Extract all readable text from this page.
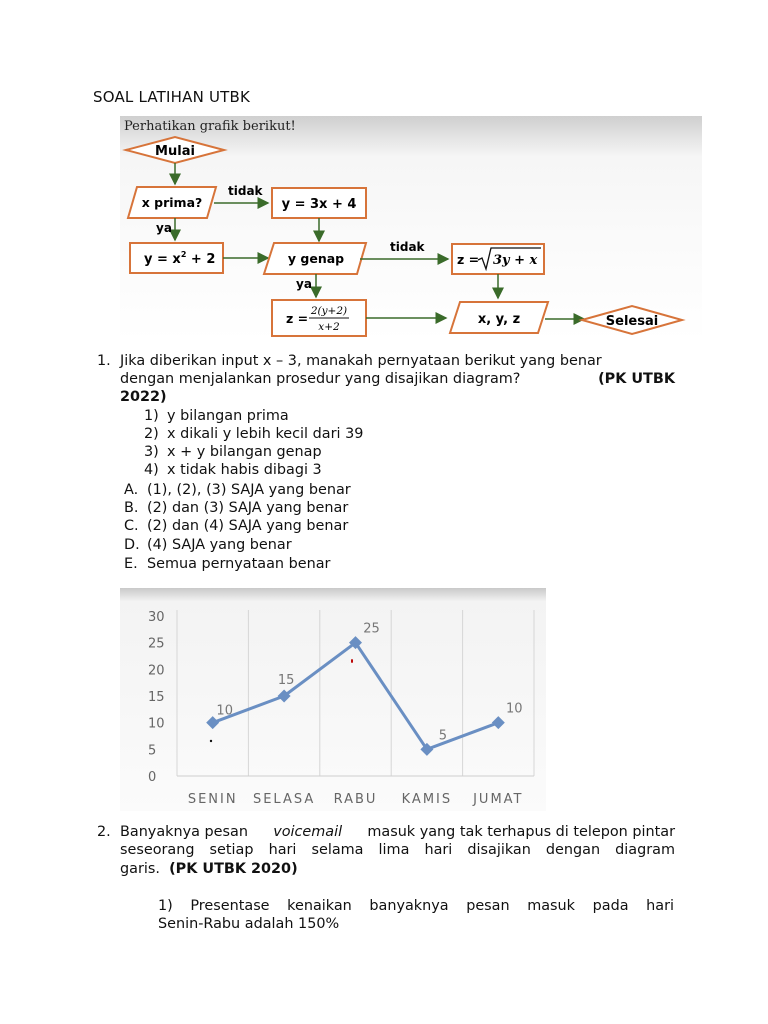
SOAL LATIHAN UTBK
Perhatikan grafik berikut!
Mulai
x prima?
tidak
ya
y = 3x + 4
$y = x^2 + 2$	y genap
tidak
ya
z = 3y + x
z = 2(y+2)
x+2	x, y, z	Selesai
1. Jika diberikan input x – 3, manakah pernyataan berikut yang benar
dengan menjalankan prosedur yang disajikan diagram?	(PK UTBK
2022)
1) y bilangan prima
2) x dikali y lebih kecil dari 39
3) x + y bilangan genap
4) x tidak habis dibagi 3
A. (1), (2), (3) SAJA yang benar
B. (2) dan (3) SAJA yang benar
C. (2) dan (4) SAJA yang benar
D. (4) SAJA yang benar
E. Semua pernyataan benar
0
5
10
15
20
25
30
SENIN SELASA RABU KAMIS JUMAT
10
15
25
5
10
2. Banyaknya pesan voicemail masuk yang tak terhapus di telepon pintar
seseorang setiap hari selama lima hari disajikan dengan diagram
garis.  (PK UTBK 2020)
1) Presentase kenaikan banyaknya pesan masuk pada hari
Senin-Rabu adalah 150%
